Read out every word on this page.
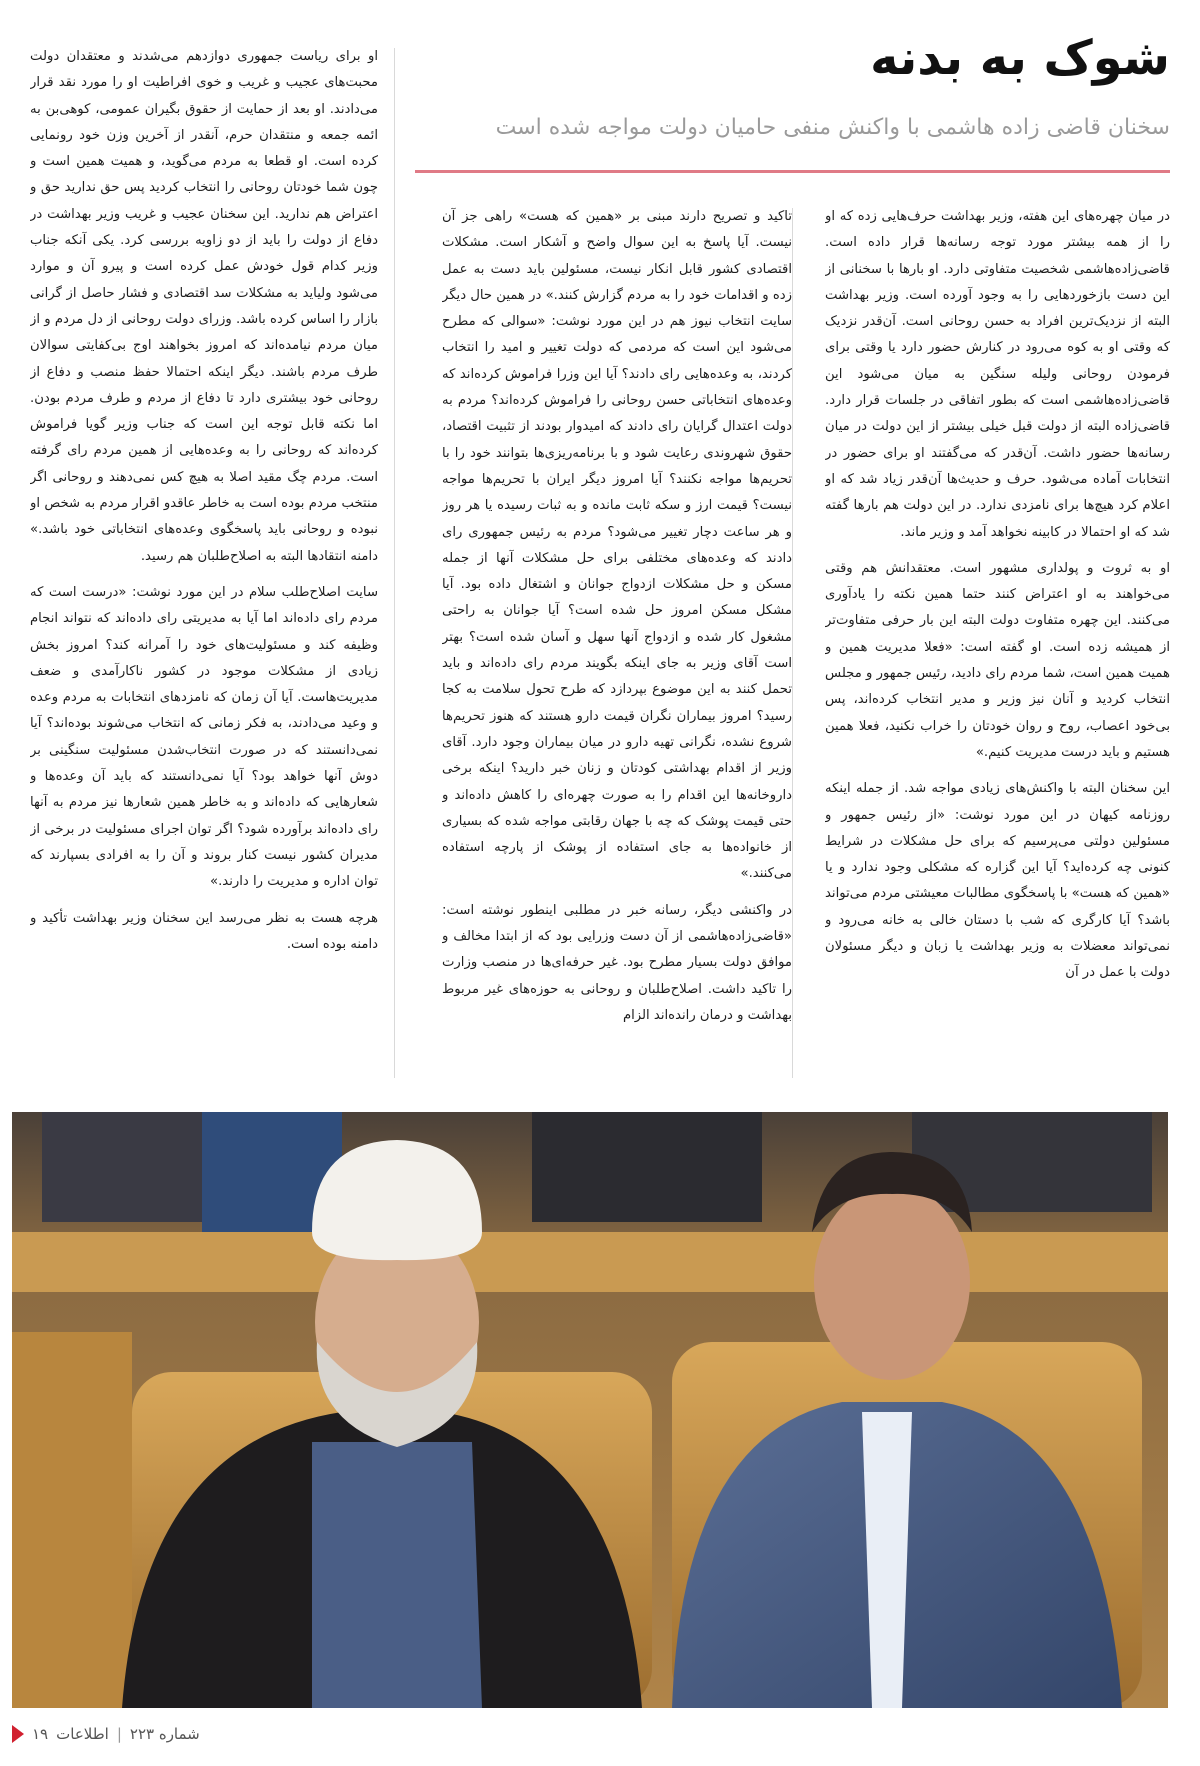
شوک به بدنه
سخنان قاضی زاده هاشمی با واکنش منفی حامیان دولت مواجه شده است

در میان چهره‌های این هفته، وزیر بهداشت حرف‌هایی زده که او را از همه بیشتر مورد توجه رسانه‌ها قرار داده است. قاضی‌زاده‌هاشمی شخصیت متفاوتی دارد. او بارها با سخنانی از این دست بازخوردهایی را به وجود آورده است. وزیر بهداشت البته از نزدیک‌ترین افراد به حسن روحانی است. آن‌قدر نزدیک که وقتی او به کوه می‌رود در کنارش حضور دارد یا وقتی برای فرمودن روحانی ولیله سنگین به میان می‌شود این قاضی‌زاده‌هاشمی است که بطور اتفاقی در جلسات قرار دارد. قاضی‌زاده البته از دولت قبل خیلی بیشتر از این دولت در میان رسانه‌ها حضور داشت. آن‌قدر که می‌گفتند او برای حضور در انتخابات آماده می‌شود. حرف و حدیث‌ها آن‌قدر زیاد شد که او اعلام کرد هیچ‌ها برای نامزدی ندارد. در این دولت هم بارها گفته شد که او احتمالا در کابینه نخواهد آمد و وزیر ماند.

او به ثروت و پولداری مشهور است. معتقدانش هم وقتی می‌خواهند به او اعتراض کنند حتما همین نکته را یادآوری می‌کنند. این چهره متفاوت دولت البته این بار حرفی متفاوت‌تر از همیشه زده است. او گفته است: «فعلا مدیریت همین و همیت همین است، شما مردم رای دادید، رئیس جمهور و مجلس انتخاب کردید و آنان نیز وزیر و مدیر انتخاب کرده‌اند، پس بی‌خود اعصاب، روح و روان خودتان را خراب نکنید، فعلا همین هستیم و باید درست مدیریت کنیم.»

این سخنان البته با واکنش‌های زیادی مواجه شد. از جمله اینکه روزنامه کیهان در این مورد نوشت: «از رئیس جمهور و مسئولین دولتی می‌پرسیم که برای حل مشکلات در شرایط کنونی چه کرده‌اید؟ آیا این گزاره که مشکلی وجود ندارد و یا «همین که هست» با پاسخگوی مطالبات معیشتی مردم می‌تواند باشد؟ آیا کارگری که شب با دستان خالی به خانه می‌رود و نمی‌تواند معضلات به وزیر بهداشت یا زبان و دیگر مسئولان دولت با عمل در آن

تاکید و تصریح دارند مبنی بر «همین که هست» راهی جز آن نیست. آیا پاسخ به این سوال واضح و آشکار است. مشکلات اقتصادی کشور قابل انکار نیست، مسئولین باید دست به عمل زده و اقدامات خود را به مردم گزارش کنند.» در همین حال دیگر سایت انتخاب نیوز هم در این مورد نوشت: «سوالی که مطرح می‌شود این است که مردمی که دولت تغییر و امید را انتخاب کردند، به وعده‌هایی رای دادند؟ آیا این وزرا فراموش کرده‌اند که وعده‌های انتخاباتی حسن روحانی را فراموش کرده‌اند؟ مردم به دولت اعتدال گرایان رای دادند که امیدوار بودند از تثبیت اقتصاد، حقوق شهروندی رعایت شود و با برنامه‌ریزی‌ها بتوانند خود را با تحریم‌ها مواجه نکنند؟ آیا امروز دیگر ایران با تحریم‌ها مواجه نیست؟ قیمت ارز و سکه ثابت مانده و به ثبات رسیده یا هر روز و هر ساعت دچار تغییر می‌شود؟ مردم به رئیس جمهوری رای دادند که وعده‌های مختلفی برای حل مشکلات آنها از جمله مسکن و حل مشکلات ازدواج جوانان و اشتغال داده بود. آیا مشکل مسکن امروز حل شده است؟ آیا جوانان به راحتی مشغول کار شده و ازدواج آنها سهل و آسان شده است؟ بهتر است آقای وزیر به جای اینکه بگویند مردم رای داده‌اند و باید تحمل کنند به این موضوع بپردازد که طرح تحول سلامت به کجا رسید؟ امروز بیماران نگران قیمت دارو هستند که هنوز تحریم‌ها شروع نشده، نگرانی تهیه دارو در میان بیماران وجود دارد. آقای وزیر از اقدام بهداشتی کودتان و زنان خبر دارید؟ اینکه برخی داروخانه‌ها این اقدام را به صورت چهره‌ای را کاهش داده‌اند و حتی قیمت پوشک که چه با جهان رقابتی مواجه شده که بسیاری از خانواده‌ها به جای استفاده از پوشک از پارچه استفاده می‌کنند.»

در واکنشی دیگر، رسانه خبر در مطلبی اینطور نوشته است: «قاضی‌زاده‌هاشمی از آن دست وزرایی بود که از ابتدا مخالف و موافق دولت بسیار مطرح بود. غیر حرفه‌ای‌ها در منصب وزارت را تاکید داشت. اصلاح‌طلبان و روحانی به حوزه‌های غیر مربوط بهداشت و درمان رانده‌اند الزام

او برای ریاست جمهوری دوازدهم می‌شدند و معتقدان دولت محبت‌های عجیب و غریب و خوی افراطیت او را مورد نقد قرار می‌دادند. او بعد از حمایت از حقوق بگیران عمومی، کوهی‌بن به ائمه جمعه و منتقدان حرم، آنقدر از آخرین وزن خود رونمایی کرده است. او قطعا به مردم می‌گوید، و همیت همین است و چون شما خودتان روحانی را انتخاب کردید پس حق ندارید حق و اعتراض هم ندارید. این سخنان عجیب و غریب وزیر بهداشت در دفاع از دولت را باید از دو زاویه بررسی کرد. یکی آنکه جناب وزیر کدام قول خودش عمل کرده است و پیرو آن و موارد می‌شود ولیاید به مشکلات سد اقتصادی و فشار حاصل از گرانی بازار را اساس کرده باشد. وزرای دولت روحانی از دل مردم و از میان مردم نیامده‌اند که امروز بخواهند اوج بی‌کفایتی سوالان طرف مردم باشند. دیگر اینکه احتمالا حفظ منصب و دفاع از روحانی خود بیشتری دارد تا دفاع از مردم و طرف مردم بودن. اما نکته قابل توجه این است که جناب وزیر گویا فراموش کرده‌اند که روحانی را به وعده‌هایی از همین مردم رای گرفته است. مردم چگ مقید اصلا به هیچ کس نمی‌دهند و روحانی اگر منتخب مردم بوده است به خاطر عاقدو اقرار مردم به شخص او نبوده و روحانی باید پاسخگوی وعده‌های انتخاباتی خود باشد.» دامنه انتقادها البته به اصلاح‌طلبان هم رسید.

سایت اصلاح‌طلب سلام در این مورد نوشت: «درست است که مردم رای داده‌اند اما آیا به مدیریتی رای داده‌اند که نتواند انجام وظیفه کند و مسئولیت‌های خود را آمرانه کند؟ امروز بخش زیادی از مشکلات موجود در کشور ناکارآمدی و ضعف مدیریت‌هاست. آیا آن زمان که نامزدهای انتخابات به مردم وعده و وعید می‌دادند، به فکر زمانی که انتخاب می‌شوند بوده‌اند؟ آیا نمی‌دانستند که در صورت انتخاب‌شدن مسئولیت سنگینی بر دوش آنها خواهد بود؟ آیا نمی‌دانستند که باید آن وعده‌ها و شعارهایی که داده‌اند و به خاطر همین شعارها نیز مردم به آنها رای داده‌اند برآورده شود؟ اگر توان اجرای مسئولیت در برخی از مدیران کشور نیست کنار بروند و آن را به افرادی بسپارند که توان اداره و مدیریت را دارند.»

هرچه هست به نظر می‌رسد این سخنان وزیر بهداشت تأکید و دامنه بوده است.

۱۹ اطلاعات | شماره ۲۲۳
